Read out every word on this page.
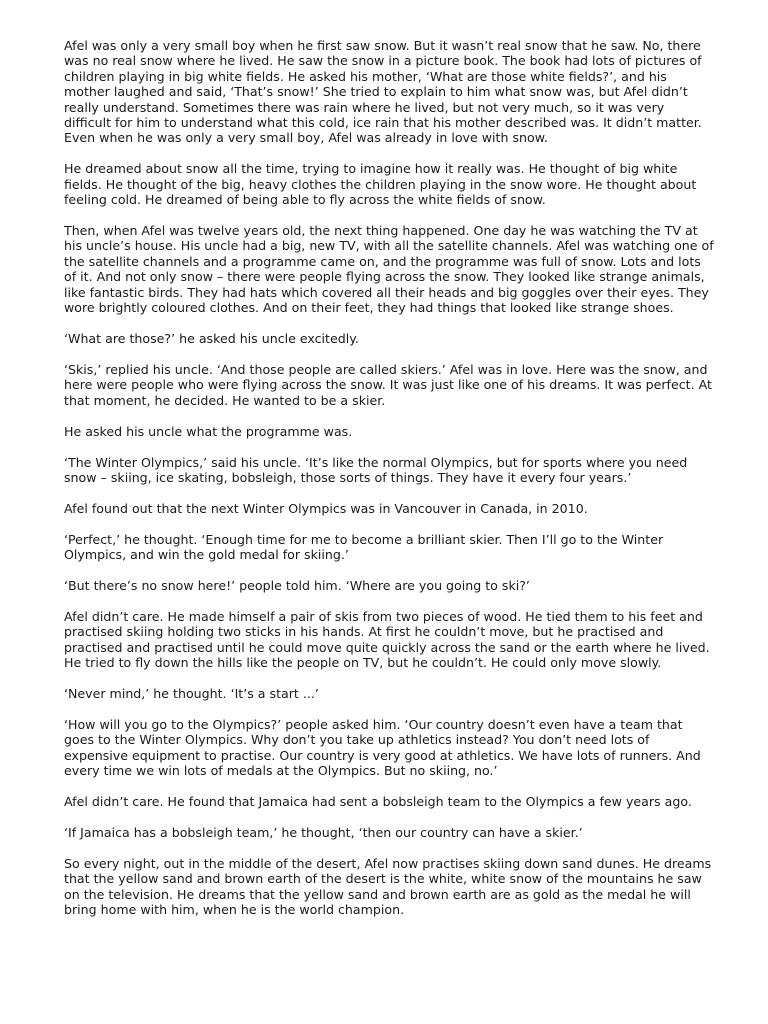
Afel was only a very small boy when he first saw snow. But it wasn’t real snow that he saw. No, there was no real snow where he lived. He saw the snow in a picture book. The book had lots of pictures of children playing in big white fields. He asked his mother, ‘What are those white fields?’, and his mother laughed and said, ‘That’s snow!’ She tried to explain to him what snow was, but Afel didn’t really understand. Sometimes there was rain where he lived, but not very much, so it was very difficult for him to understand what this cold, ice rain that his mother described was. It didn’t matter. Even when he was only a very small boy, Afel was already in love with snow.

He dreamed about snow all the time, trying to imagine how it really was. He thought of big white fields. He thought of the big, heavy clothes the children playing in the snow wore. He thought about feeling cold. He dreamed of being able to fly across the white fields of snow.

Then, when Afel was twelve years old, the next thing happened. One day he was watching the TV at his uncle’s house. His uncle had a big, new TV, with all the satellite channels. Afel was watching one of the satellite channels and a programme came on, and the programme was full of snow. Lots and lots of it. And not only snow – there were people flying across the snow. They looked like strange animals, like fantastic birds. They had hats which covered all their heads and big goggles over their eyes. They wore brightly coloured clothes. And on their feet, they had things that looked like strange shoes.

‘What are those?’ he asked his uncle excitedly.

‘Skis,’ replied his uncle. ‘And those people are called skiers.’ Afel was in love. Here was the snow, and here were people who were flying across the snow. It was just like one of his dreams. It was perfect. At that moment, he decided. He wanted to be a skier.

He asked his uncle what the programme was.

‘The Winter Olympics,’ said his uncle. ‘It’s like the normal Olympics, but for sports where you need snow – skiing, ice skating, bobsleigh, those sorts of things. They have it every four years.’

Afel found out that the next Winter Olympics was in Vancouver in Canada, in 2010.

‘Perfect,’ he thought. ‘Enough time for me to become a brilliant skier. Then I’ll go to the Winter Olympics, and win the gold medal for skiing.’

‘But there’s no snow here!’ people told him. ‘Where are you going to ski?’

Afel didn’t care. He made himself a pair of skis from two pieces of wood. He tied them to his feet and practised skiing holding two sticks in his hands. At first he couldn’t move, but he practised and practised and practised until he could move quite quickly across the sand or the earth where he lived. He tried to fly down the hills like the people on TV, but he couldn’t. He could only move slowly.

‘Never mind,’ he thought. ‘It’s a start ...’

‘How will you go to the Olympics?’ people asked him. ‘Our country doesn’t even have a team that goes to the Winter Olympics. Why don’t you take up athletics instead? You don’t need lots of expensive equipment to practise. Our country is very good at athletics. We have lots of runners. And every time we win lots of medals at the Olympics. But no skiing, no.’

Afel didn’t care. He found that Jamaica had sent a bobsleigh team to the Olympics a few years ago.

‘If Jamaica has a bobsleigh team,’ he thought, ‘then our country can have a skier.’

So every night, out in the middle of the desert, Afel now practises skiing down sand dunes. He dreams that the yellow sand and brown earth of the desert is the white, white snow of the mountains he saw on the television. He dreams that the yellow sand and brown earth are as gold as the medal he will bring home with him, when he is the world champion.
